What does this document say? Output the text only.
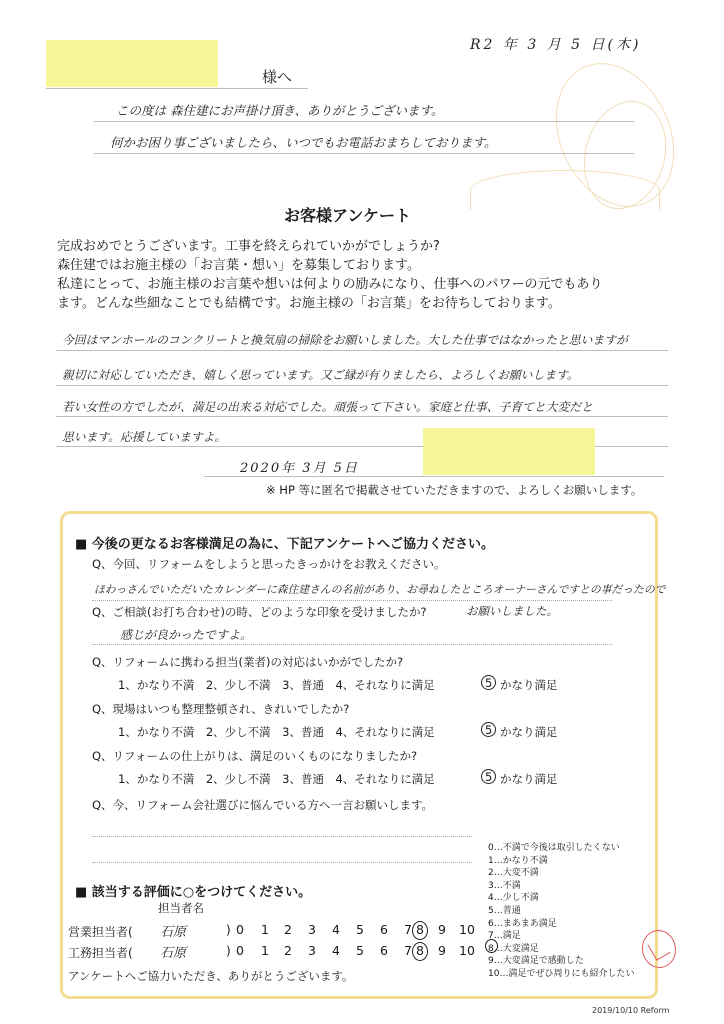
R2 年 3 月 5 日(木)
様へ
この度は 森住建にお声掛け頂き、ありがとうございます。
何かお困り事ございましたら、いつでもお電話おまちしております。
お客様アンケート
完成おめでとうございます。工事を終えられていかがでしょうか?
森住建ではお施主様の「お言葉・想い」を募集しております。
私達にとって、お施主様のお言葉や想いは何よりの励みになり、仕事へのパワーの元でもあり
ます。どんな些細なことでも結構です。お施主様の「お言葉」をお待ちしております。
今回はマンホールのコンクリートと換気扇の掃除をお願いしました。大した仕事ではなかったと思いますが
親切に対応していただき、嬉しく思っています。又ご縁が有りましたら、よろしくお願いします。
若い女性の方でしたが、満足の出来る対応でした。頑張って下さい。家庭と仕事、子育てと大変だと
思います。応援していますよ。
2020年 3月 5日
※ HP 等に匿名で掲載させていただきますので、よろしくお願いします。
■ 今後の更なるお客様満足の為に、下記アンケートへご協力ください。
Q、今回、リフォームをしようと思ったきっかけをお教えください。
ほわっさんでいただいたカレンダーに森住建さんの名前があり、お尋ねしたところオーナーさんですとの事だったので
Q、ご相談(お打ち合わせ)の時、どのような印象を受けましたか?	お願いしました。
感じが良かったですよ。
Q、リフォームに携わる担当(業者)の対応はいかがでしたか?
1、かなり不満　2、少し不満　3、普通　4、それなりに満足	5 かなり満足
Q、現場はいつも整理整頓され、きれいでしたか?
1、かなり不満　2、少し不満　3、普通　4、それなりに満足	5 かなり満足
Q、リフォームの仕上がりは、満足のいくものになりましたか?
1、かなり不満　2、少し不満　3、普通　4、それなりに満足	5 かなり満足
Q、今、リフォーム会社選びに悩んでいる方へ一言お願いします。
■ 該当する評価に○をつけてください。
担当者名
営業担当者( 石原	) 0 1 2 3 4 5 6 7 8 9 10
工務担当者( 石原	) 0 1 2 3 4 5 6 7 8 9 10
アンケートへご協力いただき、ありがとうございます。
0…不満で今後は取引したくない
1…かなり不満
2…大変不満
3…不満
4…少し不満
5…普通
6…まあまあ満足
7…満足
8…大変満足
9…大変満足で感動した
10…満足でぜひ周りにも紹介したい
2019/10/10 Reform
